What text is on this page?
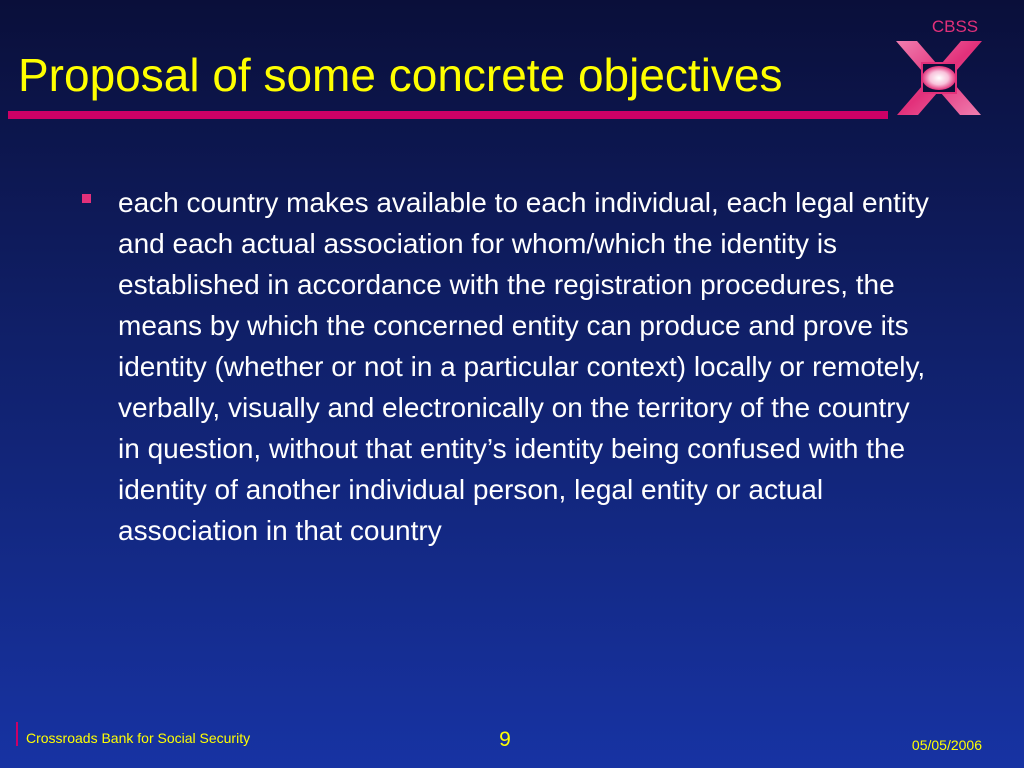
Proposal of some concrete objectives
CBSS
each country makes available to each individual, each legal entity and each actual association for whom/which the identity is established in accordance with the registration procedures, the means by which the concerned entity can produce and prove its identity (whether or not in a particular context) locally or remotely, verbally, visually and electronically on the territory of the country in question, without that entity’s identity being confused with the identity of another individual person, legal entity or actual association in that country
Crossroads Bank for Social Security	9	05/05/2006
